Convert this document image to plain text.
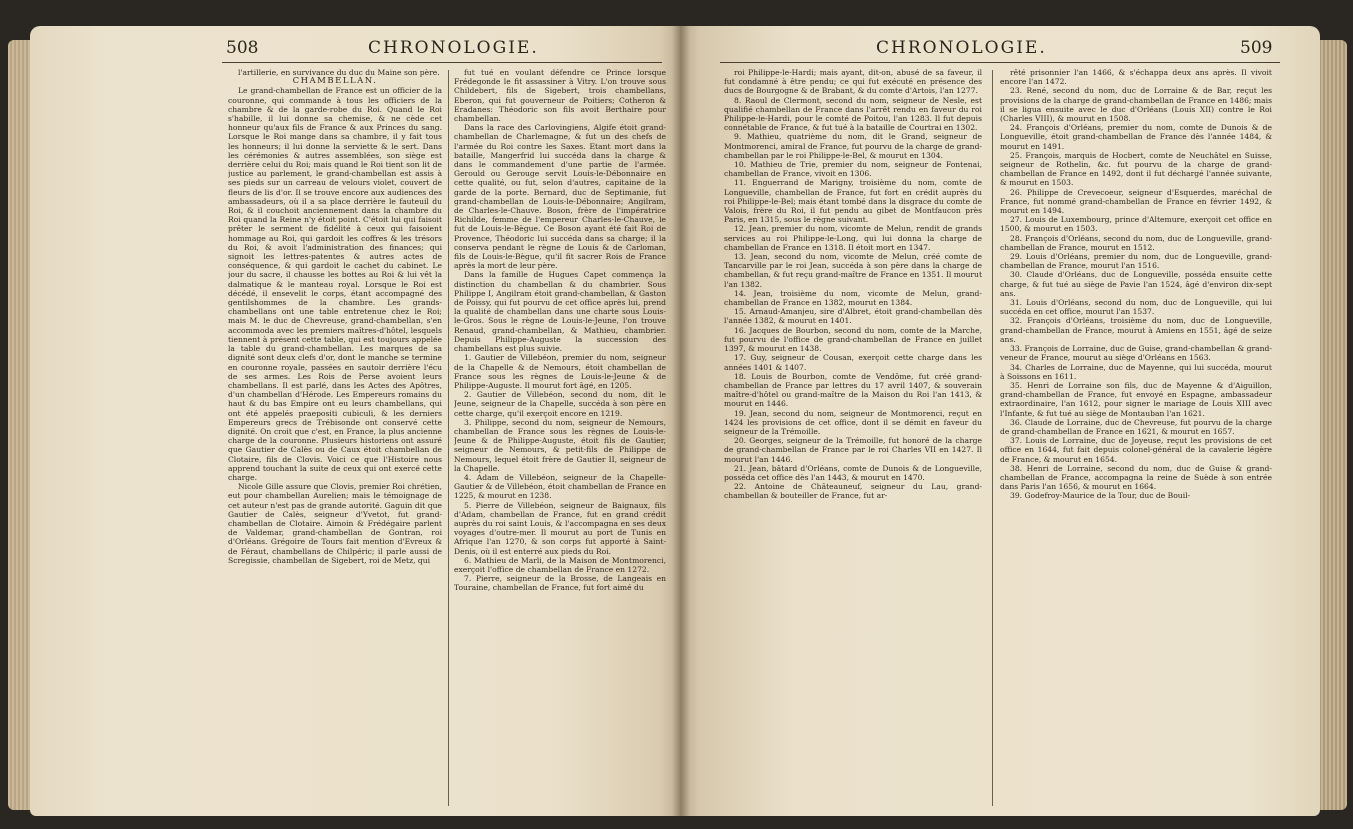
508	CHRONOLOGIE.

l'artillerie, en survivance du duc du Maine son père.

CHAMBELLAN.

Le grand-chambellan de France est un officier de la couronne, qui commande à tous les officiers de la chambre & de la garde-robe du Roi. Quand le Roi s'habille, il lui donne sa chemise, & ne cède cet honneur qu'aux fils de France & aux Princes du sang. Lorsque le Roi mange dans sa chambre, il y fait tous les honneurs; il lui donne la serviette & le sert. Dans les cérémonies & autres assemblées, son siège est derrière celui du Roi; mais quand le Roi tient son lit de justice au parlement, le grand-chambellan est assis à ses pieds sur un carreau de velours violet, couvert de fleurs de lis d'or. Il se trouve encore aux audiences des ambassadeurs, où il a sa place derrière le fauteuil du Roi, & il couchoit anciennement dans la chambre du Roi quand la Reine n'y étoit point. C'étoit lui qui faisoit prêter le serment de fidélité à ceux qui faisoient hommage au Roi, qui gardoit les coffres & les trésors du Roi, & avoit l'administration des finances; qui signoit les lettres-patentes & autres actes de conséquence, & qui gardoit le cachet du cabinet. Le jour du sacre, il chausse les bottes au Roi & lui vêt la dalmatique & le manteau royal. Lorsque le Roi est décédé, il ensevelit le corps, étant accompagné des gentilshommes de la chambre. Les grands-chambellans ont une table entretenue chez le Roi; mais M. le duc de Chevreuse, grand-chambellan, s'en accommoda avec les premiers maîtres-d'hôtel, lesquels tiennent à présent cette table, qui est toujours appelée la table du grand-chambellan. Les marques de sa dignité sont deux clefs d'or, dont le manche se termine en couronne royale, passées en sautoir derrière l'écu de ses armes. Les Rois de Perse avoient leurs chambellans. Il est parlé, dans les Actes des Apôtres, d'un chambellan d'Hérode. Les Empereurs romains du haut & du bas Empire ont eu leurs chambellans, qui ont été appelés praepositi cubiculi, & les derniers Empereurs grecs de Trébisonde ont conservé cette dignité. On croit que c'est, en France, la plus ancienne charge de la couronne. Plusieurs historiens ont assuré que Gautier de Calès ou de Caux étoit chambellan de Clotaire, fils de Clovis. Voici ce que l'Histoire nous apprend touchant la suite de ceux qui ont exercé cette charge.

Nicole Gille assure que Clovis, premier Roi chrétien, eut pour chambellan Aurelien; mais le témoignage de cet auteur n'est pas de grande autorité. Gaguin dit que Gautier de Calès, seigneur d'Yvetot, fut grand-chambellan de Clotaire. Aimoin & Frédégaire parlent de Valdemar, grand-chambellan de Gontran, roi d'Orléans. Grégoire de Tours fait mention d'Evreux & de Féraut, chambellans de Chilpéric; il parle aussi de Scregissie, chambellan de Sigebert, roi de Metz, qui

fut tué en voulant défendre ce Prince lorsque Frédegonde le fit assassiner à Vitry. L'on trouve sous Childebert, fils de Sigebert, trois chambellans, Eberon, qui fut gouverneur de Poitiers; Cotheron & Eradanes: Théodoric son fils avoit Berthaire pour chambellan.

Dans la race des Carlovingiens, Algife étoit grand-chambellan de Charlemagne, & fut un des chefs de l'armée du Roi contre les Saxes. Etant mort dans la bataille, Mangerfrid lui succéda dans la charge & dans le commandement d'une partie de l'armée. Gerould ou Gerouge servit Louis-le-Débonnaire en cette qualité, ou fut, selon d'autres, capitaine de la garde de la porte. Bernard, duc de Septimanie, fut grand-chambellan de Louis-le-Débonnaire; Angilram, de Charles-le-Chauve. Boson, frère de l'impératrice Richilde, femme de l'empereur Charles-le-Chauve, le fut de Louis-le-Bègue. Ce Boson ayant été fait Roi de Provence, Théodoric lui succéda dans sa charge; il la conserva pendant le règne de Louis & de Carloman, fils de Louis-le-Bègue, qu'il fit sacrer Rois de France après la mort de leur père.

Dans la famille de Hugues Capet commença la distinction du chambellan & du chambrier. Sous Philippe I, Angilram étoit grand-chambellan, & Gaston de Poissy, qui fut pourvu de cet office après lui, prend la qualité de chambellan dans une charte sous Louis-le-Gros. Sous le règne de Louis-le-Jeune, l'on trouve Renaud, grand-chambellan, & Mathieu, chambrier. Depuis Philippe-Auguste la succession des chambellans est plus suivie.

1. Gautier de Villebéon, premier du nom, seigneur de la Chapelle & de Nemours, étoit chambellan de France sous les règnes de Louis-le-Jeune & de Philippe-Auguste. Il mourut fort âgé, en 1205.

2. Gautier de Villebéon, second du nom, dit le Jeune, seigneur de la Chapelle, succéda à son père en cette charge, qu'il exerçoit encore en 1219.

3. Philippe, second du nom, seigneur de Nemours, chambellan de France sous les règnes de Louis-le-Jeune & de Philippe-Auguste, étoit fils de Gautier, seigneur de Nemours, & petit-fils de Philippe de Nemours, lequel étoit frère de Gautier II, seigneur de la Chapelle.

4. Adam de Villebéon, seigneur de la Chapelle-Gautier & de Villebéon, étoit chambellan de France en 1225, & mourut en 1238.

5. Pierre de Villebéon, seigneur de Baignaux, fils d'Adam, chambellan de France, fut en grand crédit auprès du roi saint Louis, & l'accompagna en ses deux voyages d'outre-mer. Il mourut au port de Tunis en Afrique l'an 1270, & son corps fut apporté à Saint-Denis, où il est enterré aux pieds du Roi.

6. Mathieu de Marli, de la Maison de Montmorenci, exerçoit l'office de chambellan de France en 1272.

7. Pierre, seigneur de la Brosse, de Langeais en Touraine, chambellan de France, fut fort aimé du

CHRONOLOGIE.	509

roi Philippe-le-Hardi; mais ayant, dit-on, abusé de sa faveur, il fut condamné à être pendu; ce qui fut exécuté en présence des ducs de Bourgogne & de Brabant, & du comte d'Artois, l'an 1277.

8. Raoul de Clermont, second du nom, seigneur de Nesle, est qualifié chambellan de France dans l'arrêt rendu en faveur du roi Philippe-le-Hardi, pour le comté de Poitou, l'an 1283. Il fut depuis connétable de France, & fut tué à la bataille de Courtrai en 1302.

9. Mathieu, quatrième du nom, dit le Grand, seigneur de Montmorenci, amiral de France, fut pourvu de la charge de grand-chambellan par le roi Philippe-le-Bel, & mourut en 1304.

10. Mathieu de Trie, premier du nom, seigneur de Fontenai, chambellan de France, vivoit en 1306.

11. Enguerrand de Marigny, troisième du nom, comte de Longueville, chambellan de France, fut fort en crédit auprès du roi Philippe-le-Bel; mais étant tombé dans la disgrace du comte de Valois, frère du Roi, il fut pendu au gibet de Montfaucon près Paris, en 1315, sous le règne suivant.

12. Jean, premier du nom, vicomte de Melun, rendit de grands services au roi Philippe-le-Long, qui lui donna la charge de chambellan de France en 1318. Il étoit mort en 1347.

13. Jean, second du nom, vicomte de Melun, créé comte de Tancarville par le roi Jean, succéda à son père dans la charge de chambellan, & fut reçu grand-maître de France en 1351. Il mourut l'an 1382.

14. Jean, troisième du nom, vicomte de Melun, grand-chambellan de France en 1382, mourut en 1384.

15. Arnaud-Amanjeu, sire d'Albret, étoit grand-chambellan dès l'année 1382, & mourut en 1401.

16. Jacques de Bourbon, second du nom, comte de la Marche, fut pourvu de l'office de grand-chambellan de France en juillet 1397, & mourut en 1438.

17. Guy, seigneur de Cousan, exerçoit cette charge dans les années 1401 & 1407.

18. Louis de Bourbon, comte de Vendôme, fut créé grand-chambellan de France par lettres du 17 avril 1407, & souverain maître-d'hôtel ou grand-maître de la Maison du Roi l'an 1413, & mourut en 1446.

19. Jean, second du nom, seigneur de Montmorenci, reçut en 1424 les provisions de cet office, dont il se démit en faveur du seigneur de la Trémoille.

20. Georges, seigneur de la Trémoille, fut honoré de la charge de grand-chambellan de France par le roi Charles VII en 1427. Il mourut l'an 1446.

21. Jean, bâtard d'Orléans, comte de Dunois & de Longueville, posséda cet office dès l'an 1443, & mourut en 1470.

22. Antoine de Châteauneuf, seigneur du Lau, grand-chambellan & bouteiller de France, fut ar-

rêté prisonnier l'an 1466, & s'échappa deux ans après. Il vivoit encore l'an 1472.

23. René, second du nom, duc de Lorraine & de Bar, reçut les provisions de la charge de grand-chambellan de France en 1486; mais il se ligua ensuite avec le duc d'Orléans (Louis XII) contre le Roi (Charles VIII), & mourut en 1508.

24. François d'Orléans, premier du nom, comte de Dunois & de Longueville, étoit grand-chambellan de France dès l'année 1484, & mourut en 1491.

25. François, marquis de Hocbert, comte de Neuchâtel en Suisse, seigneur de Rothelin, &c. fut pourvu de la charge de grand-chambellan de France en 1492, dont il fut déchargé l'année suivante, & mourut en 1503.

26. Philippe de Crevecoeur, seigneur d'Esquerdes, maréchal de France, fut nommé grand-chambellan de France en février 1492, & mourut en 1494.

27. Louis de Luxembourg, prince d'Altemure, exerçoit cet office en 1500, & mourut en 1503.

28. François d'Orléans, second du nom, duc de Longueville, grand-chambellan de France, mourut en 1512.

29. Louis d'Orléans, premier du nom, duc de Longueville, grand-chambellan de France, mourut l'an 1516.

30. Claude d'Orléans, duc de Longueville, posséda ensuite cette charge, & fut tué au siège de Pavie l'an 1524, âgé d'environ dix-sept ans.

31. Louis d'Orléans, second du nom, duc de Longueville, qui lui succéda en cet office, mourut l'an 1537.

32. François d'Orléans, troisième du nom, duc de Longueville, grand-chambellan de France, mourut à Amiens en 1551, âgé de seize ans.

33. François de Lorraine, duc de Guise, grand-chambellan & grand-veneur de France, mourut au siège d'Orléans en 1563.

34. Charles de Lorraine, duc de Mayenne, qui lui succéda, mourut à Soissons en 1611.

35. Henri de Lorraine son fils, duc de Mayenne & d'Aiguillon, grand-chambellan de France, fut envoyé en Espagne, ambassadeur extraordinaire, l'an 1612, pour signer le mariage de Louis XIII avec l'Infante, & fut tué au siège de Montauban l'an 1621.

36. Claude de Lorraine, duc de Chevreuse, fut pourvu de la charge de grand-chambellan de France en 1621, & mourut en 1657.

37. Louis de Lorraine, duc de Joyeuse, reçut les provisions de cet office en 1644, fut fait depuis colonel-général de la cavalerie légère de France, & mourut en 1654.

38. Henri de Lorraine, second du nom, duc de Guise & grand-chambellan de France, accompagna la reine de Suède à son entrée dans Paris l'an 1656, & mourut en 1664.

39. Godefroy-Maurice de la Tour, duc de Bouil-
